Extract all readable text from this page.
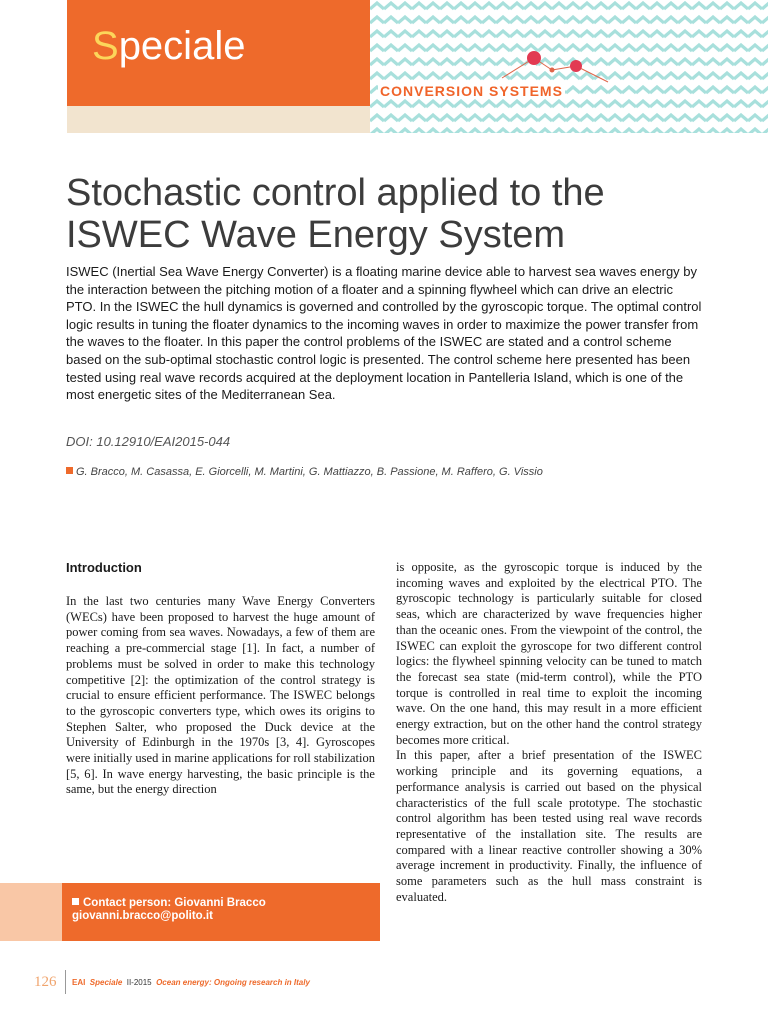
Speciale
CONVERSION SYSTEMS
Stochastic control applied to the
ISWEC Wave Energy System

ISWEC (Inertial Sea Wave Energy Converter) is a floating marine device able to harvest sea waves energy by the interaction between the pitching motion of a floater and a spinning flywheel which can drive an electric PTO. In the ISWEC the hull dynamics is governed and controlled by the gyroscopic torque. The optimal control logic results in tuning the floater dynamics to the incoming waves in order to maximize the power transfer from the waves to the floater. In this paper the control problems of the ISWEC are stated and a control scheme based on the sub-optimal stochastic control logic is presented. The control scheme here presented has been tested using real wave records acquired at the deployment location in Pantelleria Island, which is one of the most energetic sites of the Mediterranean Sea.

DOI: 10.12910/EAI2015-044
G. Bracco, M. Casassa, E. Giorcelli, M. Martini, G. Mattiazzo, B. Passione, M. Raffero, G. Vissio
Introduction

In the last two centuries many Wave Energy Converters (WECs) have been proposed to harvest the huge amount of power coming from sea waves. Nowadays, a few of them are reaching a pre-commercial stage [1]. In fact, a number of problems must be solved in order to make this technology competitive [2]: the optimization of the control strategy is crucial to ensure efficient performance. The ISWEC belongs to the gyroscopic converters type, which owes its origins to Stephen Salter, who proposed the Duck device at the University of Edinburgh in the 1970s [3, 4]. Gyroscopes were initially used in marine applications for roll stabilization [5, 6]. In wave energy harvesting, the basic principle is the same, but the energy direction

is opposite, as the gyroscopic torque is induced by the incoming waves and exploited by the electrical PTO. The gyroscopic technology is particularly suitable for closed seas, which are characterized by wave frequencies higher than the oceanic ones. From the viewpoint of the control, the ISWEC can exploit the gyroscope for two different control logics: the flywheel spinning velocity can be tuned to match the forecast sea state (mid-term control), while the PTO torque is controlled in real time to exploit the incoming wave. On the one hand, this may result in a more efficient energy extraction, but on the other hand the control strategy becomes more critical.

In this paper, after a brief presentation of the ISWEC working principle and its governing equations, a performance analysis is carried out based on the physical characteristics of the full scale prototype. The stochastic control algorithm has been tested using real wave records representative of the installation site. The results are compared with a linear reactive controller showing a 30% average increment in productivity. Finally, the influence of some parameters such as the hull mass constraint is evaluated.

Contact person: Giovanni Bracco
giovanni.bracco@polito.it
126 EAI Speciale II-2015 Ocean energy: Ongoing research in Italy
